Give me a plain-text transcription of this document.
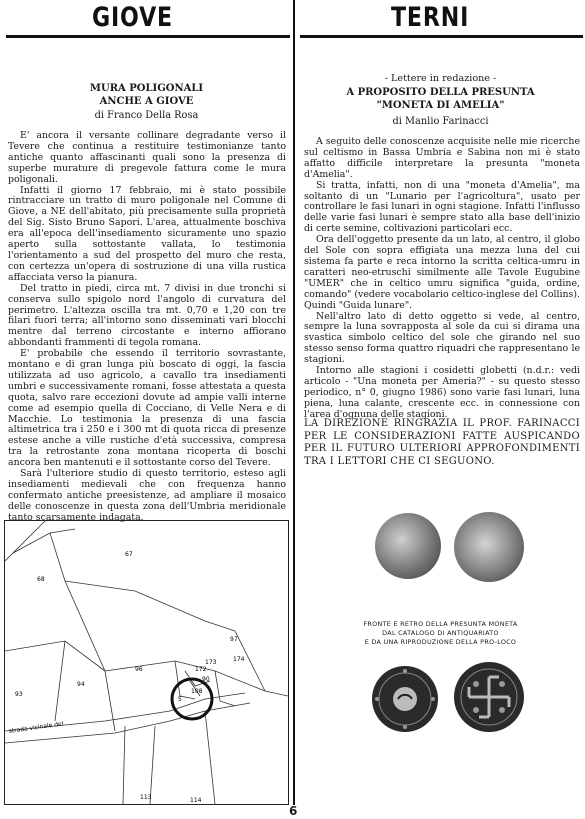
GIOVE
MURA POLIGONALI
ANCHE A GIOVE
di Franco Della Rosa

E' ancora il versante collinare degradante verso il Tevere che continua a restituire testimonianze tanto antiche quanto affascinanti quali sono la presenza di superbe murature di pregevole fattura come le mura poligonali.

Infatti il giorno 17 febbraio, mi è stato possibile rintracciare un tratto di muro poligonale nel Comune di Giove, a NE dell'abitato, più precisamente sulla proprietà del Sig. Sisto Bruno Sapori. L'area, attualmente boschiva era all'epoca dell'insediamento sicuramente uno spazio aperto sulla sottostante vallata, lo testimonia l'orientamento a sud del prospetto del muro che resta, con certezza un'opera di sostruzione di una villa rustica affacciata verso la pianura.

Del tratto in piedi, circa mt. 7 divisi in due tronchi si conserva sullo spigolo nord l'angolo di curvatura del perimetro. L'altezza oscilla tra mt. 0,70 e 1,20 con tre filari fuori terra; all'intorno sono disseminati vari blocchi mentre dal terreno circostante e interno affiorano abbondanti frammenti di tegola romana.

E' probabile che essendo il territorio sovrastante, montano e di gran lunga più boscato di oggi, la fascia utilizzata ad uso agricolo, a cavallo tra insediamenti umbri e successivamente romani, fosse attestata a questa quota, salvo rare eccezioni dovute ad ampie valli interne come ad esempio quella di Cocciano, di Velle Nera e di Macchie. Lo testimonia la presenza di una fascia altimetrica tra i 250 e i 300 mt di quota ricca di presenze estese anche a ville rustiche d'età successiva, compresa tra la retrostante zona montana ricoperta di boschi ancora ben mantenuti e il sottostante corso del Tevere.

Sarà l'ulteriore studio di questo territorio, esteso agli insediamenti medievali che con frequenza hanno confermato antiche preesistenze, ad ampliare il mosaico delle conoscenze in questa zona dell'Umbria meridionale tanto scarsamente indagata.

67
68
97
96
174
173
172
90
93
94
5
108
113	114
strada vicinale del
TERNI
- Lettere in redazione -
A PROPOSITO DELLA PRESUNTA
"MONETA DI AMELIA"
di Manlio Farinacci

A seguito delle conoscenze acquisite nelle mie ricerche sul celtismo in Bassa Umbria e Sabina non mi è stato affatto difficile interpretare la presunta "moneta d'Amelia".

Si tratta, infatti, non di una "moneta d'Amelia", ma soltanto di un "Lunario per l'agricoltura", usato per controllare le fasi lunari in ogni stagione. Infatti l'influsso delle varie fasi lunari è sempre stato alla base dell'inizio di certe semine, coltivazioni particolari ecc.

Ora dell'oggetto presente da un lato, al centro, il globo del Sole con sopra effigiata una mezza luna del cui sistema fa parte e reca intorno la scritta celtica-umru in caratteri neo-etruschi similmente alle Tavole Eugubine "UMER" che in celtico umru significa "guida, ordine, comando" (vedere vocabolario celtico-inglese del Collins). Quindi "Guida lunare".

Nell'altro lato di detto oggetto si vede, al centro, sempre la luna sovrapposta al sole da cui si dirama una svastica simbolo celtico del sole che girando nel suo stesso senso forma quattro riquadri che rappresentano le stagioni.

Intorno alle stagioni i cosidetti globetti (n.d.r.: vedi articolo - "Una moneta per Ameria?" - su questo stesso periodico, n° 0, giugno 1986) sono varie fasi lunari, luna piena, luna calante, crescente ecc. in connessione con l'area d'ognuna delle stagioni.

LA DIREZIONE RINGRAZIA IL PROF. FARINACCI PER LE CONSIDERAZIONI FATTE AUSPICANDO PER IL FUTURO ULTERIORI APPROFONDIMENTI TRA I LETTORI CHE CI SEGUONO.
FRONTE E RETRO DELLA PRESUNTA MONETA
DAL CATALOGO DI ANTIQUARIATO
E DA UNA RIPRODUZIONE DELLA PRO-LOCO
6
